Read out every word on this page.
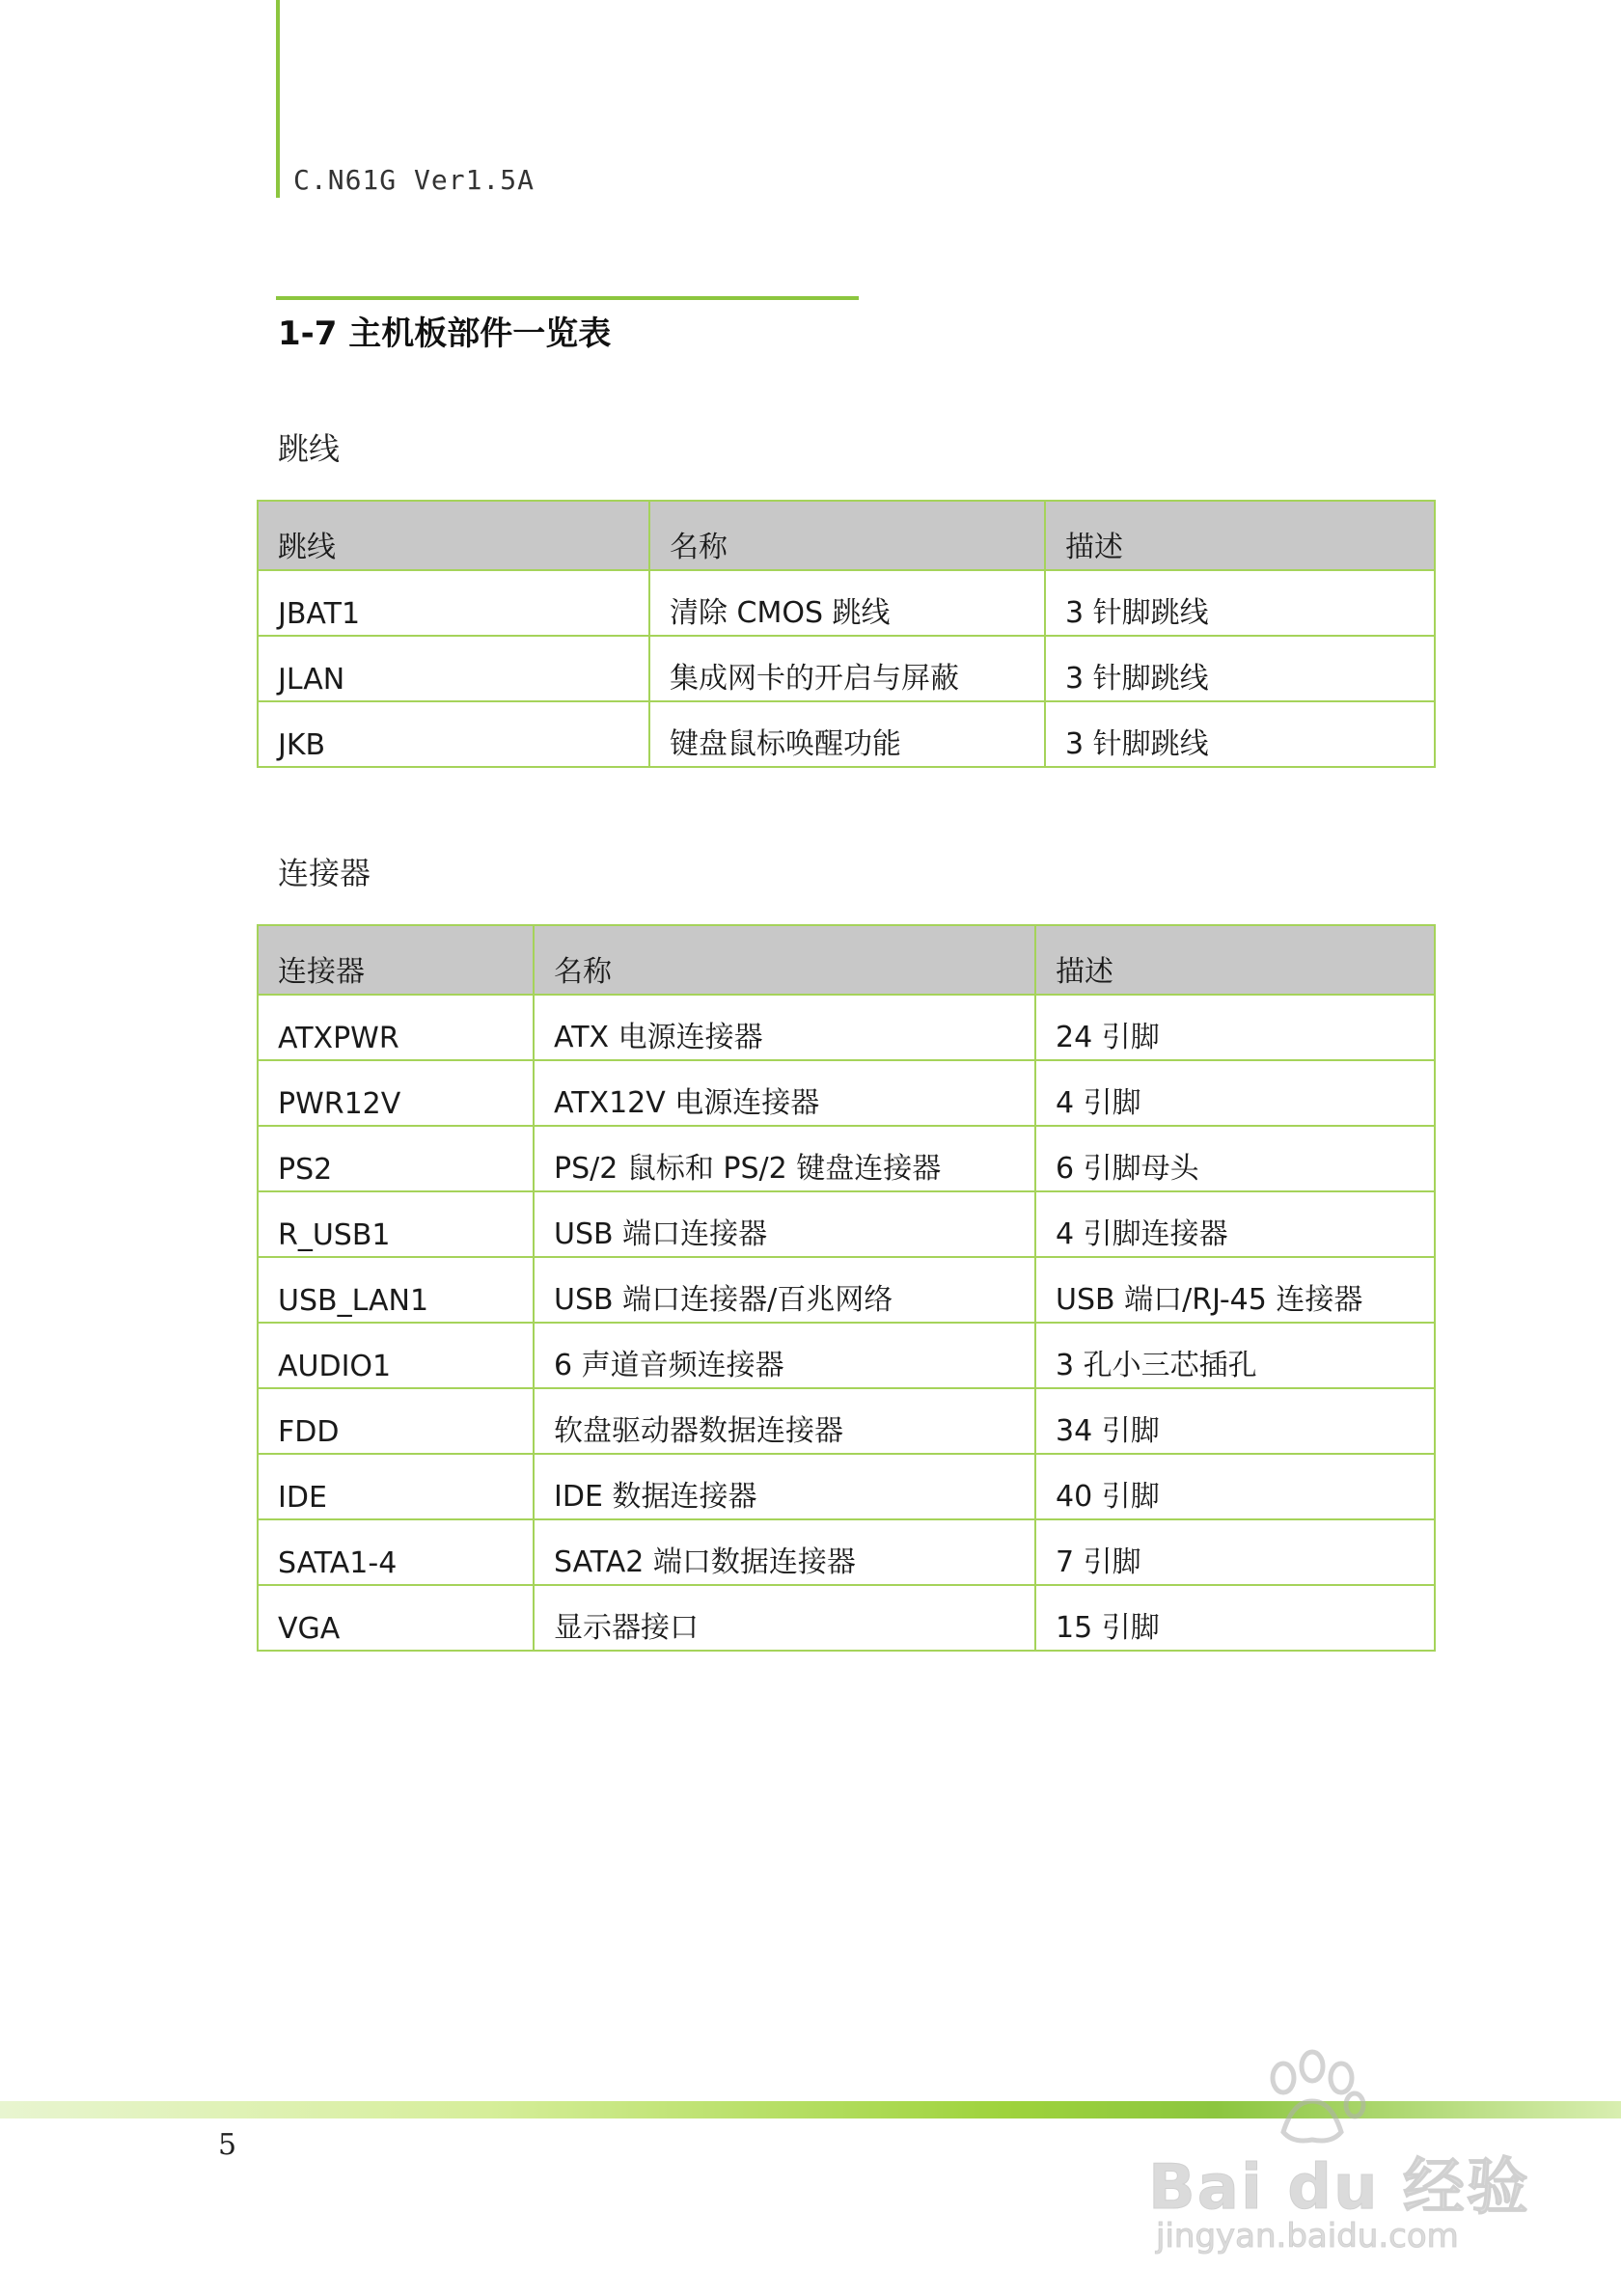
C.N61G Ver1.5A
1-7 主机板部件一览表
跳线
跳线	名称	描述
JBAT1	清除 CMOS 跳线	3 针脚跳线
JLAN	集成网卡的开启与屏蔽	3 针脚跳线
JKB	键盘鼠标唤醒功能	3 针脚跳线
连接器
连接器	名称	描述
ATXPWR	ATX 电源连接器	24 引脚
PWR12V	ATX12V 电源连接器	4 引脚
PS2	PS/2 鼠标和 PS/2 键盘连接器	6 引脚母头
R_USB1	USB 端口连接器	4 引脚连接器
USB_LAN1	USB 端口连接器/百兆网络	USB 端口/RJ-45 连接器
AUDIO1	6 声道音频连接器	3 孔小三芯插孔
FDD	软盘驱动器数据连接器	34 引脚
IDE	IDE 数据连接器	40 引脚
SATA1-4	SATA2 端口数据连接器	7 引脚
VGA	显示器接口	15 引脚
5
Bai du 经验
jingyan.baidu.com
